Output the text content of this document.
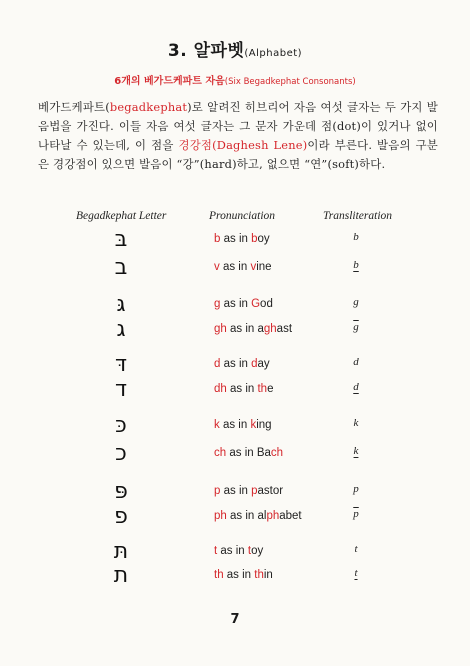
3. 알파벳(Alphabet)
6개의 베가드케파트 자음(Six Begadkephat Consonants)
베가드케파트(begadkephat)로 알려진 히브리어 자음 여섯 글자는 두 가지 발음법을 가진다. 이들 자음 여섯 글자는 그 문자 가운데 점(dot)이 있거나 없이 나타날 수 있는데, 이 점을 경강점(Daghesh Lene)이라 부른다. 발음의 구분은 경강점이 있으면 발음이 “강”(hard)하고, 없으면 “연”(soft)하다.
Begadkephat Letter	Pronunciation	Transliteration
בּ	b as in boy	b
ב	v as in vine	b
גּ	g as in God	g
ג	gh as in aghast	$\overline{g}$
דּ	d as in day	d
ד	dh as in the	d
כּ	k as in king	k
כ	ch as in Bach	k
פּ	p as in pastor	p
פ	ph as in alphabet	$\overline{p}$
תּ	t as in toy	t
ת	th as in thin	t
7
